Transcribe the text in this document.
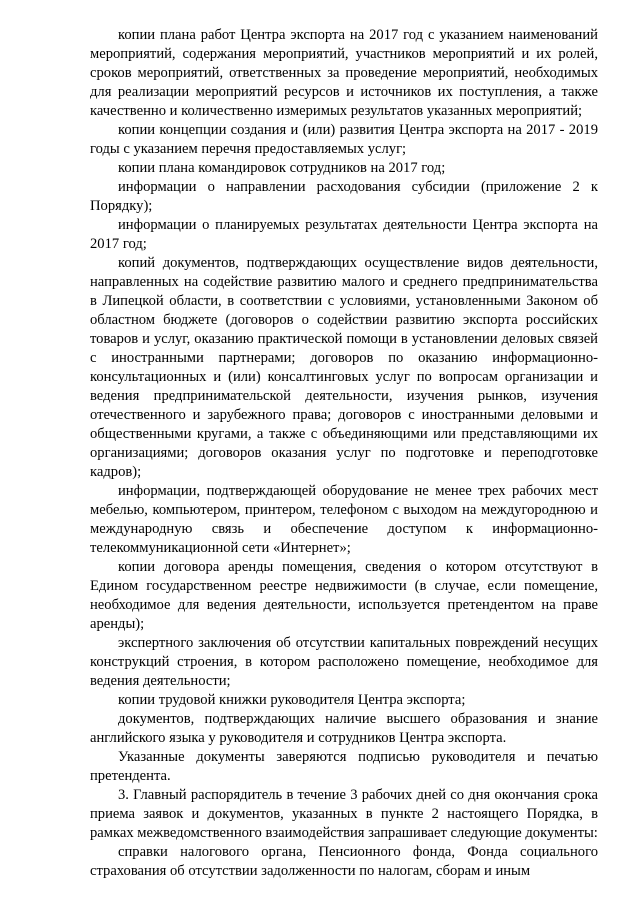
копии плана работ Центра экспорта на 2017 год с указанием наименований мероприятий, содержания мероприятий, участников мероприятий и их ролей, сроков мероприятий, ответственных за проведение мероприятий, необходимых для реализации мероприятий ресурсов и источников их поступления, а также качественно и количественно измеримых результатов указанных мероприятий;

копии концепции создания и (или) развития Центра экспорта на 2017 - 2019 годы с указанием перечня предоставляемых услуг;

копии плана командировок сотрудников на 2017 год;

информации о направлении расходования субсидии (приложение 2 к Порядку);

информации о планируемых результатах деятельности Центра экспорта на 2017 год;

копий документов, подтверждающих осуществление видов деятельности, направленных на содействие развитию малого и среднего предпринимательства в Липецкой области, в соответствии с условиями, установленными Законом об областном бюджете (договоров о содействии развитию экспорта российских товаров и услуг, оказанию практической помощи в установлении деловых связей с иностранными партнерами; договоров по оказанию информационно-консультационных и (или) консалтинговых услуг по вопросам организации и ведения предпринимательской деятельности, изучения рынков, изучения отечественного и зарубежного права; договоров с иностранными деловыми и общественными кругами, а также с объединяющими или представляющими их организациями; договоров оказания услуг по подготовке и переподготовке кадров);

информации, подтверждающей оборудование не менее трех рабочих мест мебелью, компьютером, принтером, телефоном с выходом на междугороднюю и международную связь и обеспечение доступом к информационно-телекоммуникационной сети «Интернет»;

копии договора аренды помещения, сведения о котором отсутствуют в Едином государственном реестре недвижимости (в случае, если помещение, необходимое для ведения деятельности, используется претендентом на праве аренды);

экспертного заключения об отсутствии капитальных повреждений несущих конструкций строения, в котором расположено помещение, необходимое для ведения деятельности;

копии трудовой книжки руководителя Центра экспорта;

документов, подтверждающих наличие высшего образования и знание английского языка у руководителя и сотрудников Центра экспорта.

Указанные документы заверяются подписью руководителя и печатью претендента.

3. Главный распорядитель в течение 3 рабочих дней со дня окончания срока приема заявок и документов, указанных в пункте 2 настоящего Порядка, в рамках межведомственного взаимодействия запрашивает следующие документы:

справки налогового органа, Пенсионного фонда, Фонда социального страхования об отсутствии задолженности по налогам, сборам и иным
